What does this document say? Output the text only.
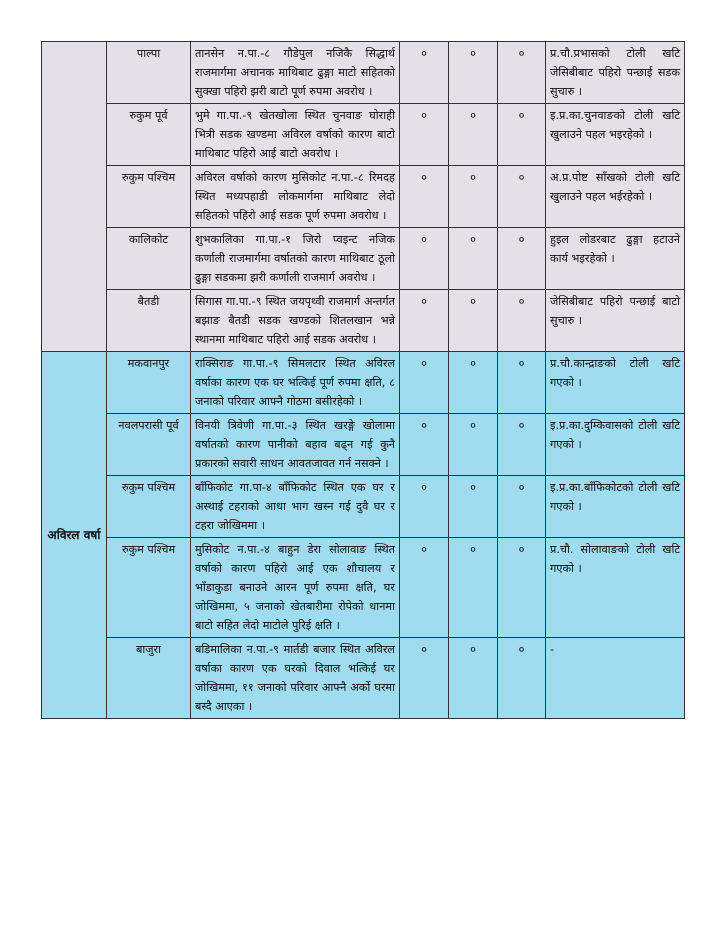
	पाल्पा	तानसेन न.पा.-८ गौडेपुल नजिकै सिद्धार्थ राजमार्गमा अचानक माथिबाट ढुङ्गा माटो सहितको सुक्खा पहिरो झरी बाटो पूर्ण रुपमा अवरोध ।	०	०	०	प्र.चौ.प्रभासको टोली खटि जेसिबीबाट पहिरो पन्छाई सडक सुचारु ।
	रुकुम पूर्व	भुमे गा.पा.-९ खेतखोला स्थित चुनवाङ घोराही भित्री सडक खण्डमा अविरल वर्षाको कारण बाटो माथिबाट पहिरो आई बाटो अवरोध ।	०	०	०	इ.प्र.का.चुनवाङको टोली खटि खुलाउने पहल भइरहेको ।
	रुकुम पश्चिम	अविरल वर्षाको कारण मुसिकोट न.पा.-८ रिमदह स्थित मध्यपहाडी लोकमार्गमा माथिबाट लेदो सहितको पहिरो आई सडक पूर्ण रुपमा अवरोध ।	०	०	०	अ.प्र.पोष्ट साँखको टोली खटि खुलाउने पहल भईरहेको ।
	कालिकोट	शुभकालिका गा.पा.-१ जिरो प्वइन्ट नजिक कर्णाली राजमार्गमा वर्षातको कारण माथिबाट ठूलो ढुङ्गा सडकमा झरी कर्णाली राजमार्ग अवरोध ।	०	०	०	हुइल लोडरबाट ढुङ्गा हटाउने कार्य भइरहेको ।
	बैतडी	सिगास गा.पा.-९ स्थित जयपृथ्वी राजमार्ग अन्तर्गत बझाङ बैतडी सडक खण्डको शितलखान भन्ने स्थानमा माथिबाट पहिरो आई सडक अवरोध ।	०	०	०	जेसिबीबाट पहिरो पन्छाई बाटो सुचारु ।
अविरल वर्षा	मकवानपुर	राक्सिराङ गा.पा.-९ सिमलटार स्थित अविरल वर्षाका कारण एक घर भत्किई पूर्ण रुपमा क्षति, ८ जनाको परिवार आफ्नै गोठमा बसीरहेको ।	०	०	०	प्र.चौ.कान्द्राङको टोली खटि गएको ।
	नवलपरासी पूर्व	विनयी त्रिवेणी गा.पा.-३ स्थित खरङ्गे खोलामा वर्षातको कारण पानीको बहाव बढ्न गई कुनै प्रकारको सवारी साधन आवतजावत गर्न नसक्ने ।	०	०	०	इ.प्र.का.दुम्किवासको टोली खटि गएको ।
	रुकुम पश्चिम	बाँफिकोट गा.पा-४ बाँफिकोट स्थित एक घर र अस्थाई टहराको आधा भाग खस्न गई दुवै घर र टहरा जोखिममा ।	०	०	०	इ.प्र.का.बाँफिकोटको टोली खटि गएको ।
	रुकुम पश्चिम	मुसिकोट न.पा.-४ बाहुन डेरा सोलावाङ स्थित वर्षाको कारण पहिरो आई एक शौचालय र भाँडाकुडा बनाउने आरन पूर्ण रुपमा क्षति, घर जोखिममा, ५ जनाको खेतबारीमा रोपेको धानमा बाटो सहित लेदो माटोले पुरिई क्षति ।	०	०	०	प्र.चौ. सोलावाङको टोली खटि गएको ।
	बाजुरा	बडिमालिका न.पा.-९ मार्तडी बजार स्थित अविरल वर्षाका कारण एक घरको दिवाल भत्किई घर जोखिममा, ११ जनाको परिवार आफ्नै अर्को घरमा बस्दै आएका ।	०	०	०	-
